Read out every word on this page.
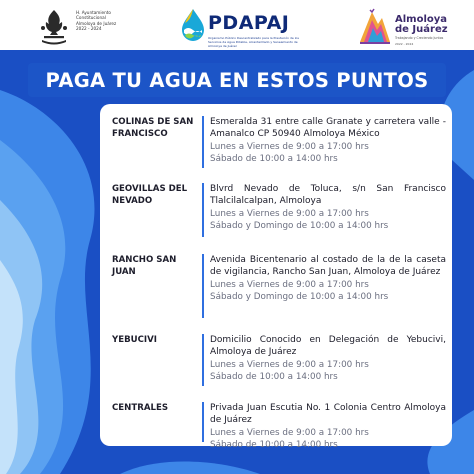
H. Ayuntamiento
Constitucional
Almoloya de Juárez
2022 - 2024	PDAPAJ
Organismo Público Descentralizado para la Prestación de los Servicios de Agua Potable, Alcantarillado y Saneamiento de Almoloya de Juárez
Almoloya
de Juárez
Trabajando y Creciendo Juntos
2022 - 2024
PAGA TU AGUA EN ESTOS PUNTOS
COLINAS DE SAN FRANCISCO
Esmeralda 31 entre calle Granate y carretera valle - Amanalco CP 50940 Almoloya México
Lunes a Viernes de 9:00 a 17:00 hrs
Sábado de 10:00 a 14:00 hrs
GEOVILLAS DEL NEVADO
Blvrd Nevado de Toluca, s/n San Francisco Tlalcilalcalpan, Almoloya
Lunes a Viernes de 9:00 a 17:00 hrs
Sábado y Domingo de 10:00 a 14:00 hrs
RANCHO SAN JUAN
Avenida Bicentenario al costado de la de la caseta de vigilancia, Rancho San Juan, Almoloya de Juárez
Lunes a Viernes de 9:00 a 17:00 hrs
Sábado y Domingo de 10:00 a 14:00 hrs
YEBUCIVI	Domicilio Conocido en Delegación de Yebucivi, Almoloya de Juárez
Lunes a Viernes de 9:00 a 17:00 hrs
Sábado de 10:00 a 14:00 hrs
CENTRALES	Privada Juan Escutia No. 1 Colonia Centro Almoloya de Juárez
Lunes a Viernes de 9:00 a 17:00 hrs
Sábado de 10:00 a 14:00 hrs
